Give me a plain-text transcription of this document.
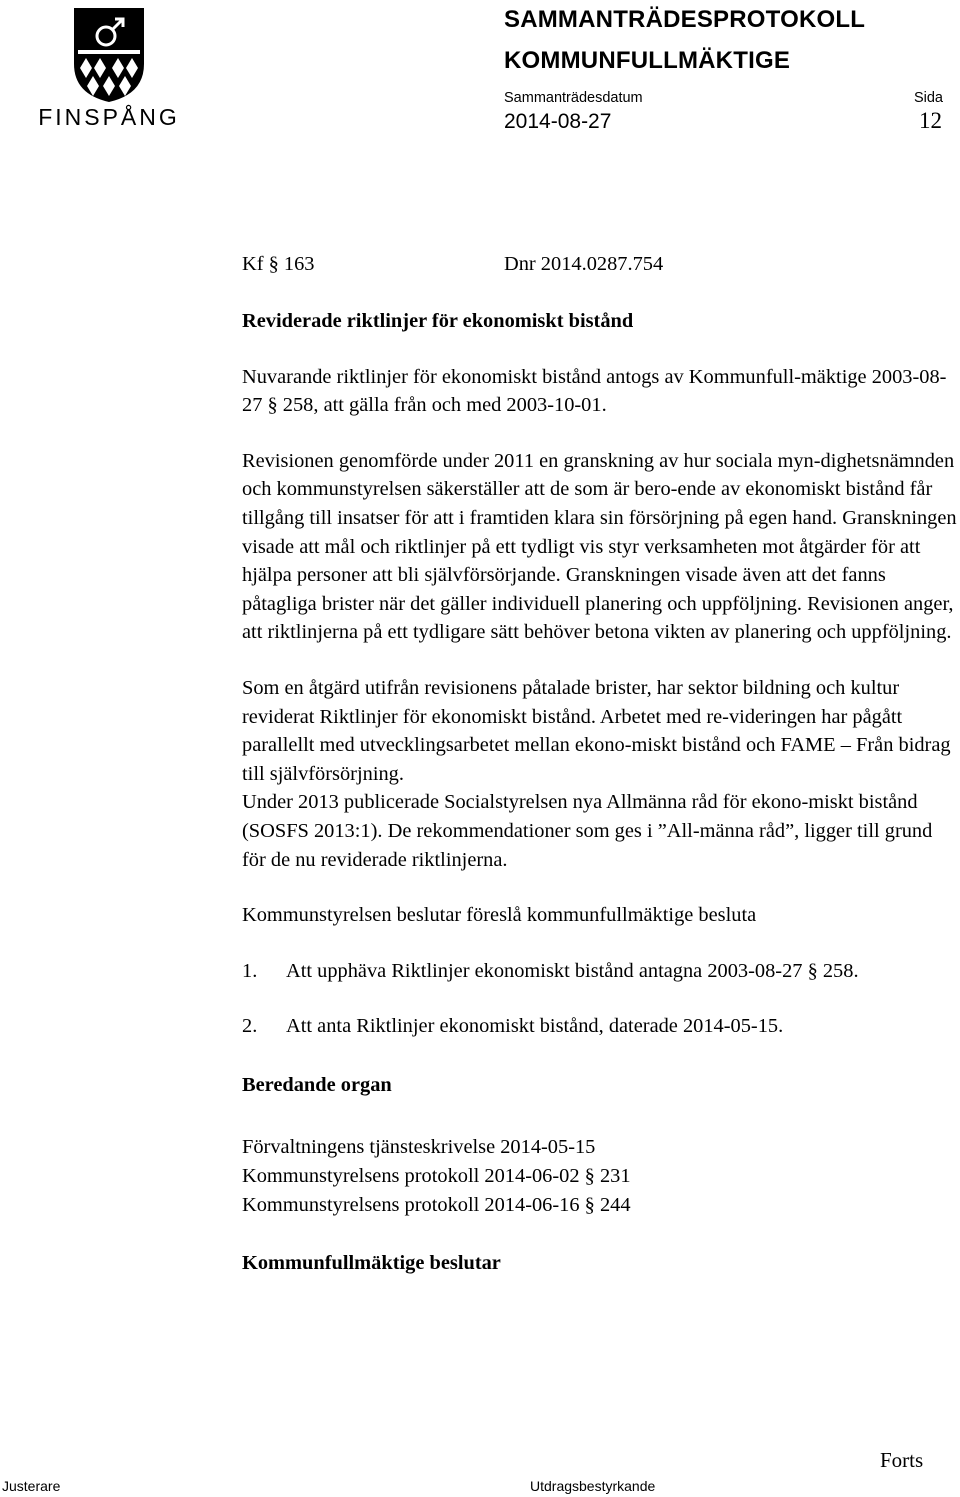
FINSPÅNG
SAMMANTRÄDESPROTOKOLL
KOMMUNFULLMÄKTIGE
Sammanträdesdatum	Sida
2014-08-27	12
Kf § 163	Dnr 2014.0287.754
Reviderade riktlinjer för ekonomiskt bistånd

Nuvarande riktlinjer för ekonomiskt bistånd antogs av Kommunfull-mäktige 2003-08-27 § 258, att gälla från och med 2003-10-01.

Revisionen genomförde under 2011 en granskning av hur sociala myn-dighetsnämnden och kommunstyrelsen säkerställer att de som är bero-ende av ekonomiskt bistånd får tillgång till insatser för att i framtiden klara sin försörjning på egen hand. Granskningen visade att mål och riktlinjer på ett tydligt vis styr verksamheten mot åtgärder för att hjälpa personer att bli självförsörjande. Granskningen visade även att det fanns påtagliga brister när det gäller individuell planering och uppföljning. Revisionen anger, att riktlinjerna på ett tydligare sätt behöver betona vikten av planering och uppföljning.

Som en åtgärd utifrån revisionens påtalade brister, har sektor bildning och kultur reviderat Riktlinjer för ekonomiskt bistånd. Arbetet med re-videringen har pågått parallellt med utvecklingsarbetet mellan ekono-miskt bistånd och FAME – Från bidrag till självförsörjning.

Under 2013 publicerade Socialstyrelsen nya Allmänna råd för ekono-miskt bistånd (SOSFS 2013:1). De rekommendationer som ges i ”All-männa råd”, ligger till grund för de nu reviderade riktlinjerna.

Kommunstyrelsen beslutar föreslå kommunfullmäktige besluta

1.	Att upphäva Riktlinjer ekonomiskt bistånd antagna 2003-08-27 § 258.
2.	Att anta Riktlinjer ekonomiskt bistånd, daterade 2014-05-15.
Beredande organ
Förvaltningens tjänsteskrivelse 2014-05-15
Kommunstyrelsens protokoll 2014-06-02 § 231
Kommunstyrelsens protokoll 2014-06-16 § 244
Kommunfullmäktige beslutar
Forts
Justerare	Utdragsbestyrkande
